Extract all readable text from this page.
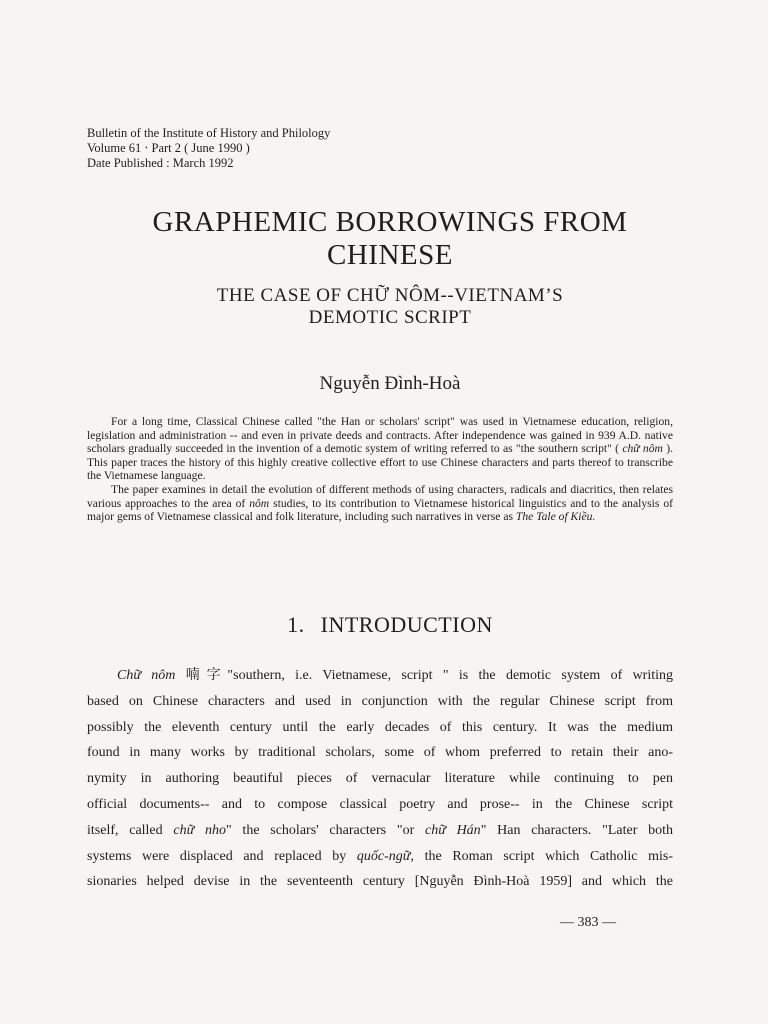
Bulletin of the Institute of History and Philology
Volume 61 ‧ Part 2 ( June 1990 )
Date Published : March 1992
GRAPHEMIC BORROWINGS FROM
CHINESE
THE CASE OF CHỮ NÔM--VIETNAM’S
DEMOTIC SCRIPT
Nguyễn Đình-Hoà

For a long time, Classical Chinese called "the Han or scholars' script" was used in Vietnamese education, religion, legislation and administration -- and even in private deeds and contracts. After independence was gained in 939 A.D. native scholars gradually succeeded in the invention of a demotic system of writing referred to as "the southern script" ( chữ nôm ). This paper traces the history of this highly creative collective effort to use Chinese characters and parts thereof to transcribe the Vietnamese language.

The paper examines in detail the evolution of different methods of using characters, radicals and diacritics, then relates various approaches to the area of nôm studies, to its contribution to Vietnamese historical linguistics and to the analysis of major gems of Vietnamese classical and folk literature, including such narratives in verse as The Tale of Kiều.

1. INTRODUCTION
Chữ nôm 喃字"southern, i.e. Vietnamese, script " is the demotic system of writing
based on Chinese characters and used in conjunction with the regular Chinese script from
possibly the eleventh century until the early decades of this century. It was the medium
found in many works by traditional scholars, some of whom preferred to retain their ano-
nymity in authoring beautiful pieces of vernacular literature while continuing to pen
official documents-- and to compose classical poetry and prose-- in the Chinese script
itself, called chữ nho" the scholars' characters "or chữ Hán" Han characters. "Later both
systems were displaced and replaced by quốc-ngữ, the Roman script which Catholic mis-
sionaries helped devise in the seventeenth century [Nguyễn Đình-Hoà 1959] and which the
— 383 —
